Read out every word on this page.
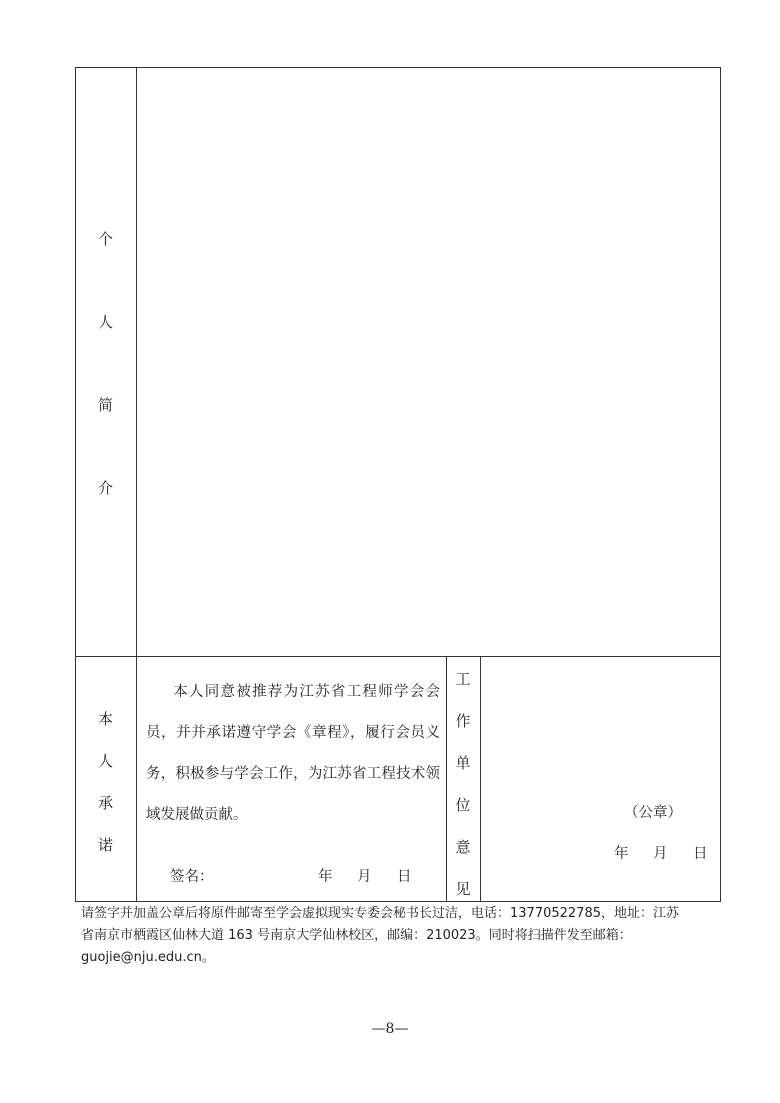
个
人
简
介
本
人
承
诺
本人同意被推荐为江苏省工程师学会会员，并并承诺遵守学会《章程》，履行会员义务，积极参与学会工作，为江苏省工程技术领域发展做贡献。
签名：	年 月 日
工
作
单
位
意
见
（公章）
年 月 日
请签字并加盖公章后将原件邮寄至学会虚拟现实专委会秘书长过洁，电话：13770522785，地址：江苏
省南京市栖霞区仙林大道 163 号南京大学仙林校区，邮编：210023。同时将扫描件发至邮箱：
guojie@nju.edu.cn。
—8—
